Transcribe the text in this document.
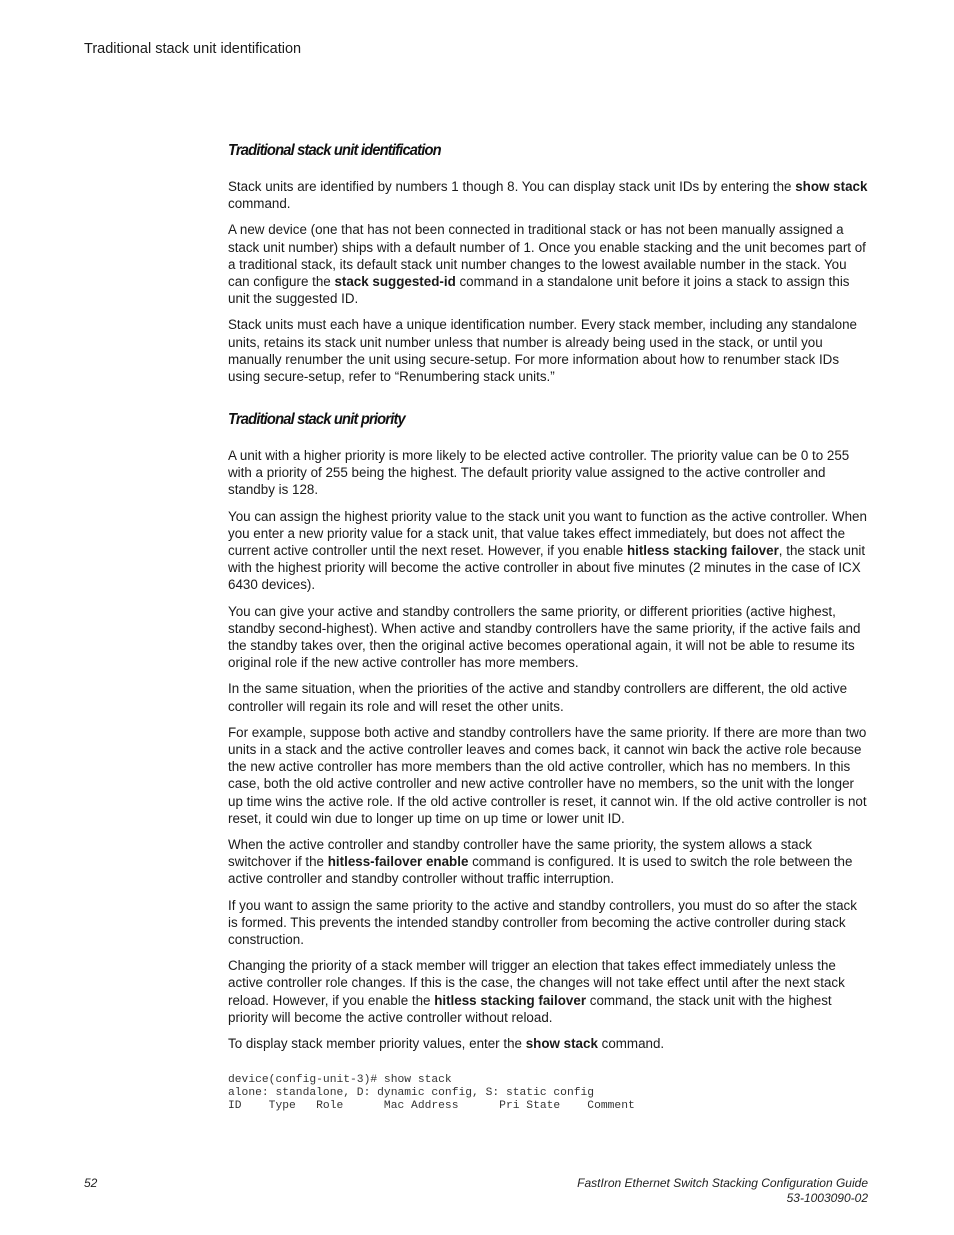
Traditional stack unit identification
Traditional stack unit identification

Stack units are identified by numbers 1 though 8. You can display stack unit IDs by entering the show stack command.

A new device (one that has not been connected in traditional stack or has not been manually assigned a stack unit number) ships with a default number of 1. Once you enable stacking and the unit becomes part of a traditional stack, its default stack unit number changes to the lowest available number in the stack. You can configure the stack suggested-id command in a standalone unit before it joins a stack to assign this unit the suggested ID.

Stack units must each have a unique identification number. Every stack member, including any standalone units, retains its stack unit number unless that number is already being used in the stack, or until you manually renumber the unit using secure-setup. For more information about how to renumber stack IDs using secure-setup, refer to “Renumbering stack units.”

Traditional stack unit priority

A unit with a higher priority is more likely to be elected active controller. The priority value can be 0 to 255 with a priority of 255 being the highest. The default priority value assigned to the active controller and standby is 128.

You can assign the highest priority value to the stack unit you want to function as the active controller. When you enter a new priority value for a stack unit, that value takes effect immediately, but does not affect the current active controller until the next reset. However, if you enable hitless stacking failover, the stack unit with the highest priority will become the active controller in about five minutes (2 minutes in the case of ICX 6430 devices).

You can give your active and standby controllers the same priority, or different priorities (active highest, standby second-highest). When active and standby controllers have the same priority, if the active fails and the standby takes over, then the original active becomes operational again, it will not be able to resume its original role if the new active controller has more members.

In the same situation, when the priorities of the active and standby controllers are different, the old active controller will regain its role and will reset the other units.

For example, suppose both active and standby controllers have the same priority. If there are more than two units in a stack and the active controller leaves and comes back, it cannot win back the active role because the new active controller has more members than the old active controller, which has no members. In this case, both the old active controller and new active controller have no members, so the unit with the longer up time wins the active role. If the old active controller is reset, it cannot win. If the old active controller is not reset, it could win due to longer up time on up time or lower unit ID.

When the active controller and standby controller have the same priority, the system allows a stack switchover if the hitless-failover enable command is configured. It is used to switch the role between the active controller and standby controller without traffic interruption.

If you want to assign the same priority to the active and standby controllers, you must do so after the stack is formed. This prevents the intended standby controller from becoming the active controller during stack construction.

Changing the priority of a stack member will trigger an election that takes effect immediately unless the active controller role changes. If this is the case, the changes will not take effect until after the next stack reload. However, if you enable the hitless stacking failover command, the stack unit with the highest priority will become the active controller without reload.

To display stack member priority values, enter the show stack command.

device(config-unit-3)# show stack
alone: standalone, D: dynamic config, S: static config
ID    Type   Role      Mac Address      Pri State    Comment
52	FastIron Ethernet Switch Stacking Configuration Guide
53-1003090-02
